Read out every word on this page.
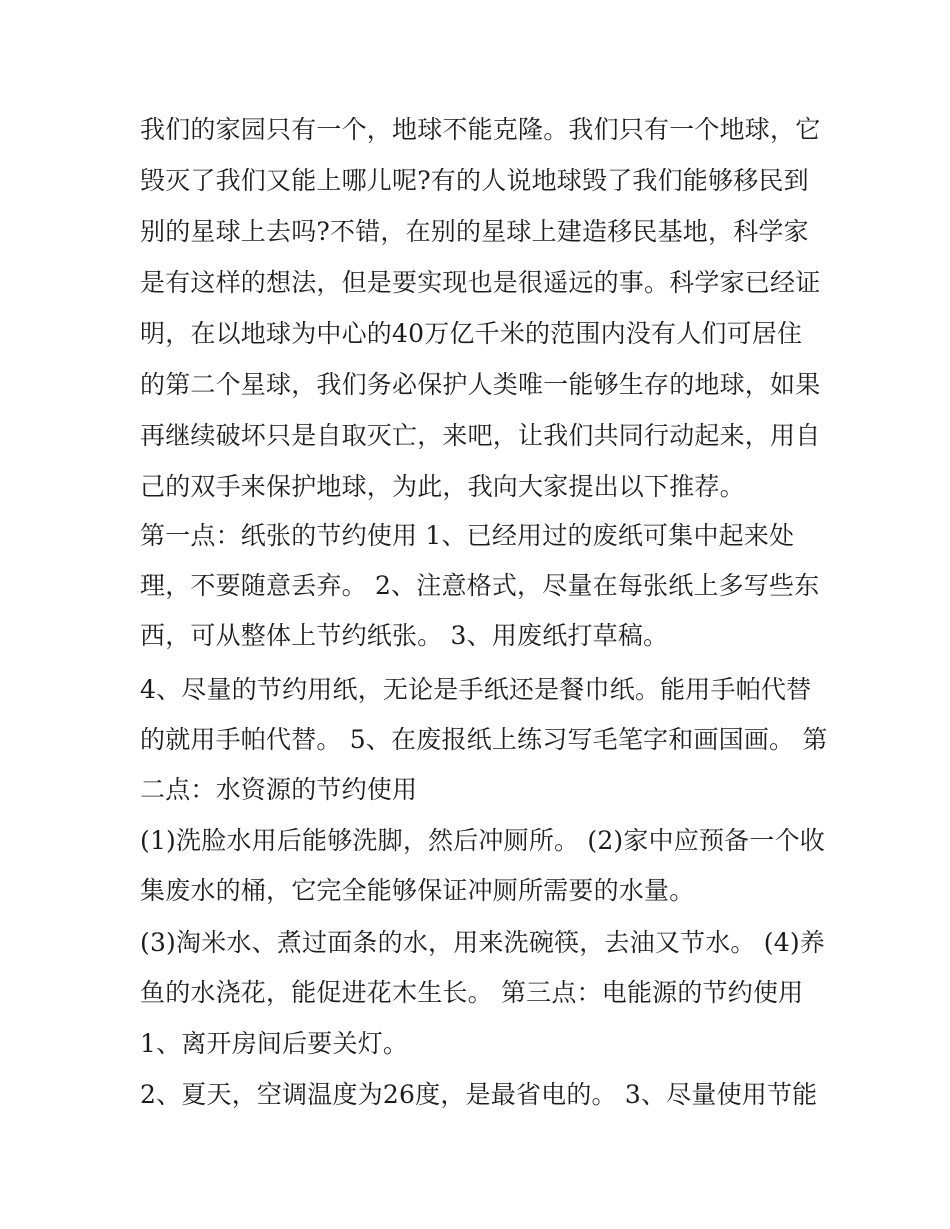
我们的家园只有一个，地球不能克隆。我们只有一个地球，它
毁灭了我们又能上哪儿呢?有的人说地球毁了我们能够移民到
别的星球上去吗?不错，在别的星球上建造移民基地，科学家
是有这样的想法，但是要实现也是很遥远的事。科学家已经证
明，在以地球为中心的40万亿千米的范围内没有人们可居住
的第二个星球，我们务必保护人类唯一能够生存的地球，如果
再继续破坏只是自取灭亡，来吧，让我们共同行动起来，用自
己的双手来保护地球，为此，我向大家提出以下推荐。
第一点：纸张的节约使用 1、已经用过的废纸可集中起来处
理，不要随意丢弃。 2、注意格式，尽量在每张纸上多写些东
西，可从整体上节约纸张。 3、用废纸打草稿。
4、尽量的节约用纸，无论是手纸还是餐巾纸。能用手帕代替
的就用手帕代替。 5、在废报纸上练习写毛笔字和画国画。 第
二点：水资源的节约使用
(1)洗脸水用后能够洗脚，然后冲厕所。 (2)家中应预备一个收
集废水的桶，它完全能够保证冲厕所需要的水量。
(3)淘米水、煮过面条的水，用来洗碗筷，去油又节水。 (4)养
鱼的水浇花，能促进花木生长。 第三点：电能源的节约使用
1、离开房间后要关灯。
2、夏天，空调温度为26度，是最省电的。 3、尽量使用节能
